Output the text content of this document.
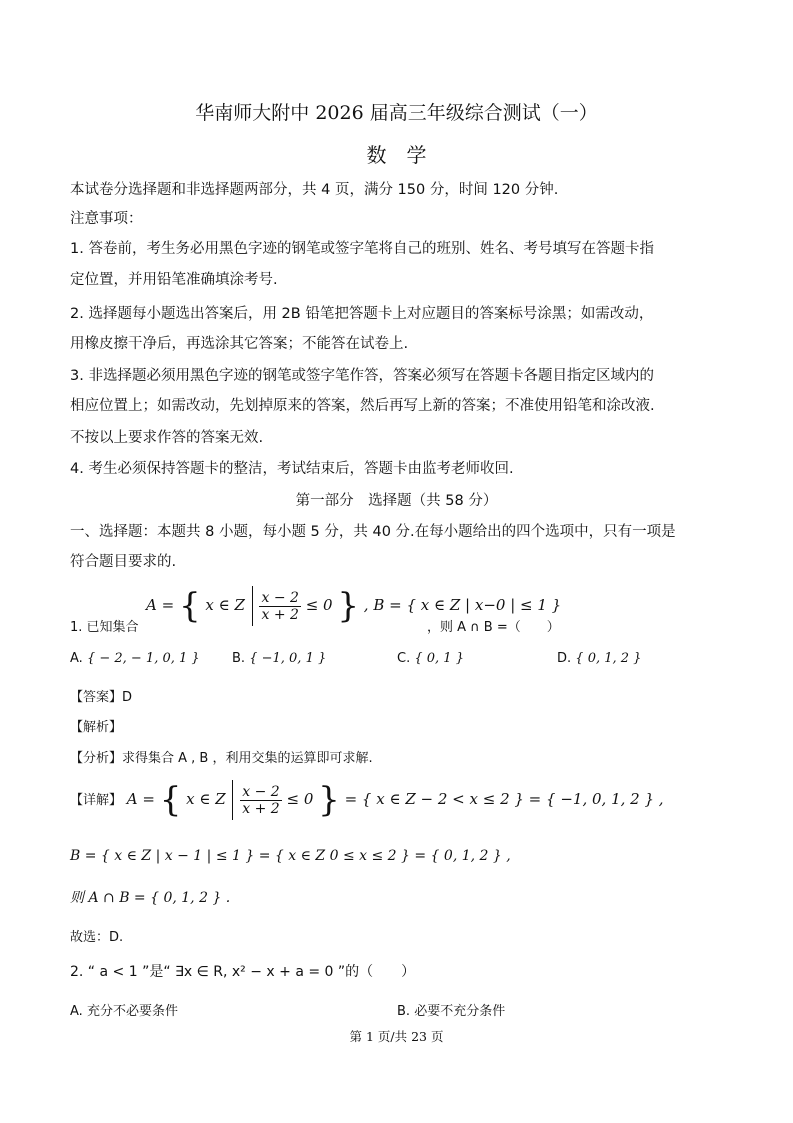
华南师大附中 2026 届高三年级综合测试（一）
数学
本试卷分选择题和非选择题两部分，共 4 页，满分 150 分，时间 120 分钟.
注意事项：
1. 答卷前，考生务必用黑色字迹的钢笔或签字笔将自己的班别、姓名、考号填写在答题卡指
定位置，并用铅笔准确填涂考号.
2. 选择题每小题选出答案后，用 2B 铅笔把答题卡上对应题目的答案标号涂黑；如需改动，
用橡皮擦干净后，再选涂其它答案；不能答在试卷上.
3. 非选择题必须用黑色字迹的钢笔或签字笔作答，答案必须写在答题卡各题目指定区域内的
相应位置上；如需改动，先划掉原来的答案，然后再写上新的答案；不准使用铅笔和涂改液.
不按以上要求作答的答案无效.
4. 考生必须保持答题卡的整洁，考试结束后，答题卡由监考老师收回.
第一部分　选择题（共 58 分）
一、选择题：本题共 8 小题，每小题 5 分，共 40 分.在每小题给出的四个选项中，只有一项是
符合题目要求的.
1. 已知集合
A = { x ∈ Z $\frac{x - 2}{x + 2} \le 0$ } , B = { x ∈ Z | x−0 | ≤ 1 }
，则 A ∩ B =（　　）
A. { − 2, − 1, 0, 1 } B. { −1, 0, 1 }	C. { 0, 1 }	D. { 0, 1, 2 }
【答案】D
【解析】
【分析】求得集合 A , B ，利用交集的运算即可求解.
【详解】 A = { x ∈ Z $\frac{x - 2}{x + 2} \le 0$ } = { x ∈ Z − 2 < x ≤ 2 } = { −1, 0, 1, 2 } ,
B = { x ∈ Z | x − 1 | ≤ 1 } = { x ∈ Z 0 ≤ x ≤ 2 } = { 0, 1, 2 } ,
则 A ∩ B = { 0, 1, 2 } .
故选：D.
2. “ a < 1 ”是“ ∃x ∈ R, x² − x + a = 0 ”的（　　）
A. 充分不必要条件	B. 必要不充分条件
第 1 页/共 23 页
